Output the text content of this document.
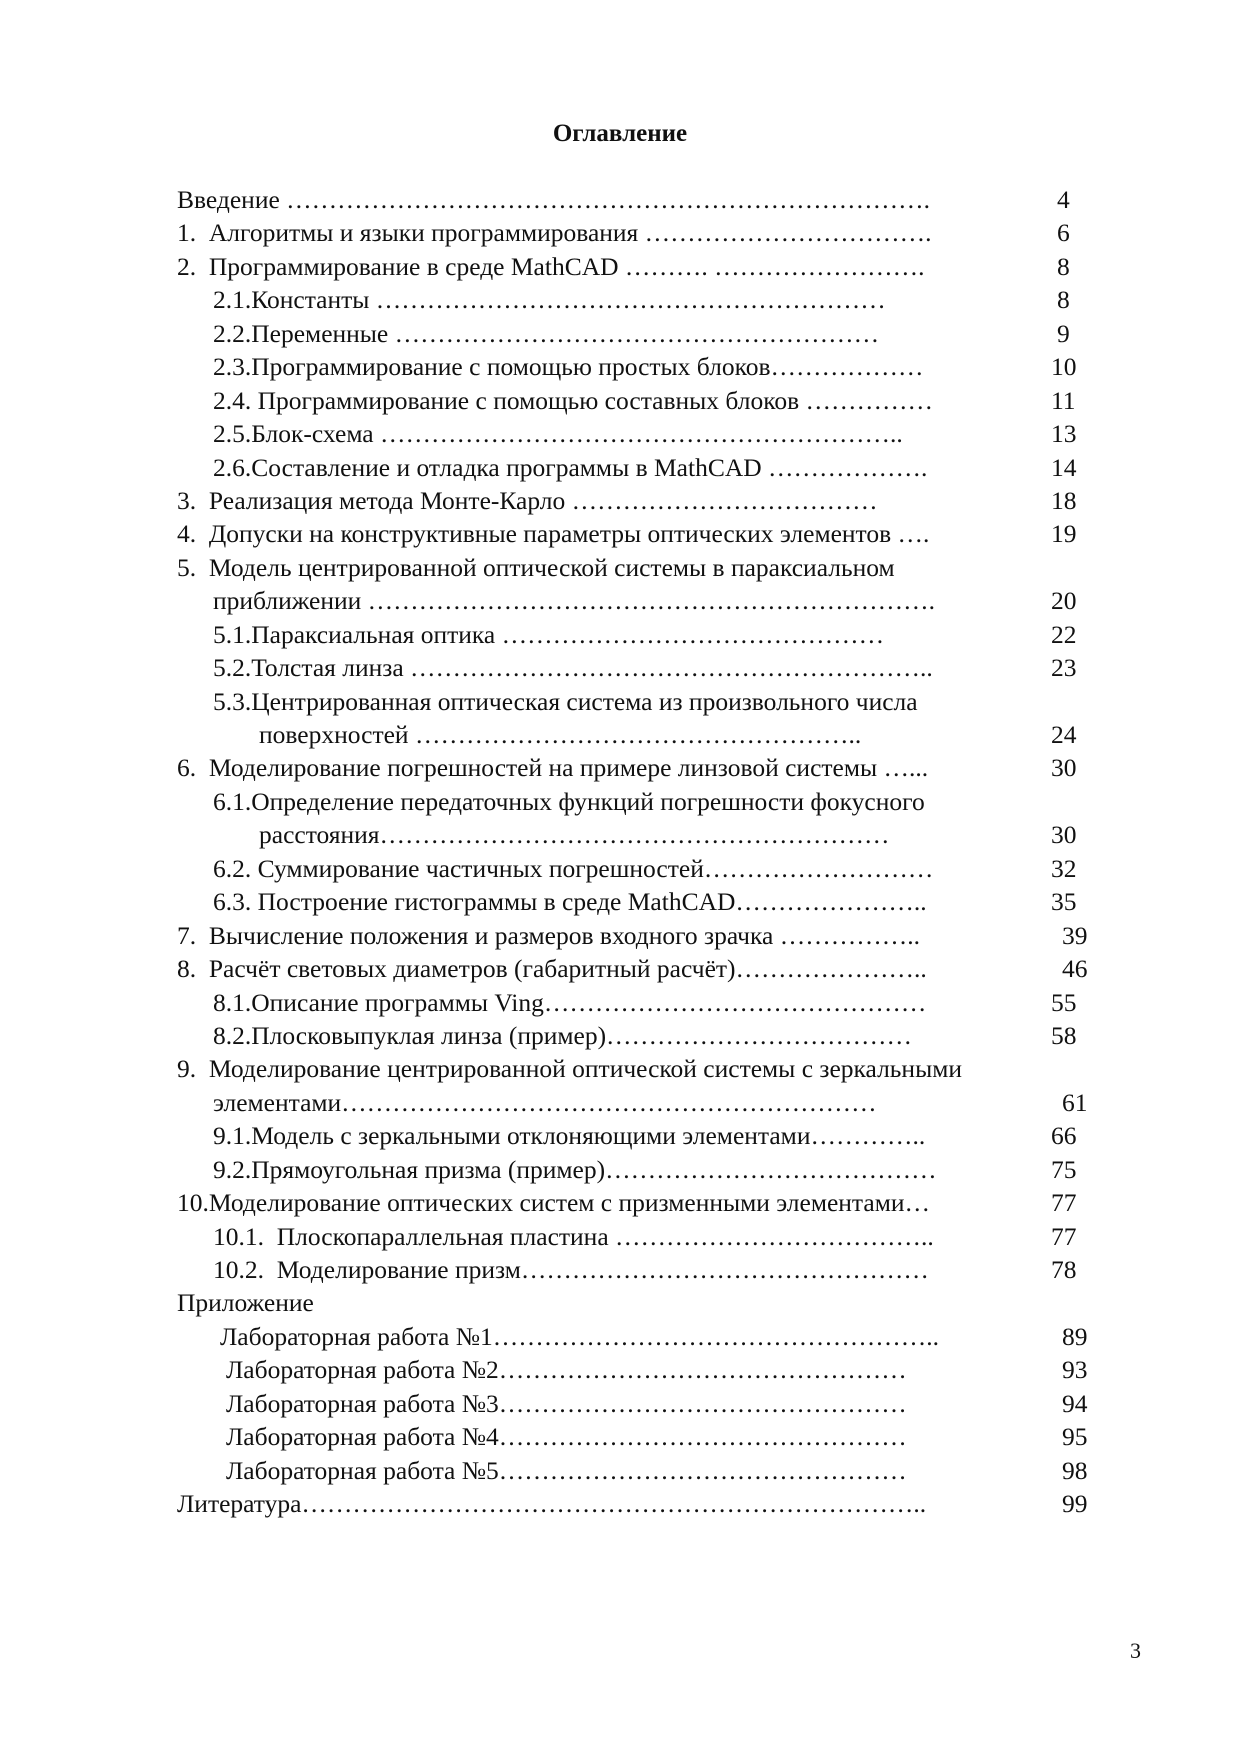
Оглавление
Введение ………………………………………………………………….	4
1.  Алгоритмы и языки программирования …………………………….	6
2.  Программирование в среде MathCAD ………. …………………….	8
2.1.Константы ……………………………………………………	8
2.2.Переменные …………………………………………………	9
2.3.Программирование с помощью простых блоков………………	10
2.4. Программирование с помощью составных блоков ……………	11
2.5.Блок-схема ……………………………………………………..	13
2.6.Составление и отладка программы в MathCAD ……………….	14
3.  Реализация метода Монте-Карло ………………………………	18
4.  Допуски на конструктивные параметры оптических элементов ….	19
5.  Модель центрированной оптической системы в параксиальном
приближении ………………………………………………………….	20
5.1.Параксиальная оптика ………………………………………	22
5.2.Толстая линза ……………………………………………………..	23
5.3.Центрированная оптическая система из произвольного числа
поверхностей ……………………………………………..	24
6.  Моделирование погрешностей на примере линзовой системы …...	30
6.1.Определение передаточных функций погрешности фокусного
расстояния……………………………………………………	30
6.2. Суммирование частичных погрешностей………………………	32
6.3. Построение гистограммы в среде MathCAD…………………..	35
7.  Вычисление положения и размеров входного зрачка ……………..	39
8.  Расчёт световых диаметров (габаритный расчёт)…………………..	46
8.1.Описание программы Ving………………………………………	55
8.2.Плосковыпуклая линза (пример)………………………………	58
9.  Моделирование центрированной оптической системы с зеркальными
элементами………………………………………………………	61
9.1.Модель с зеркальными отклоняющими элементами…………..	66
9.2.Прямоугольная призма (пример)…………………………………	75
10.Моделирование оптических систем с призменными элементами…	77
10.1.  Плоскопараллельная пластина ………………………………..	77
10.2.  Моделирование призм…………………………………………	78
Приложение
Лабораторная работа №1……………………………………………..	89
Лабораторная работа №2…………………………………………	93
Лабораторная работа №3…………………………………………	94
Лабораторная работа №4…………………………………………	95
Лабораторная работа №5…………………………………………	98
Литература………………………………………………………………..	99
3
